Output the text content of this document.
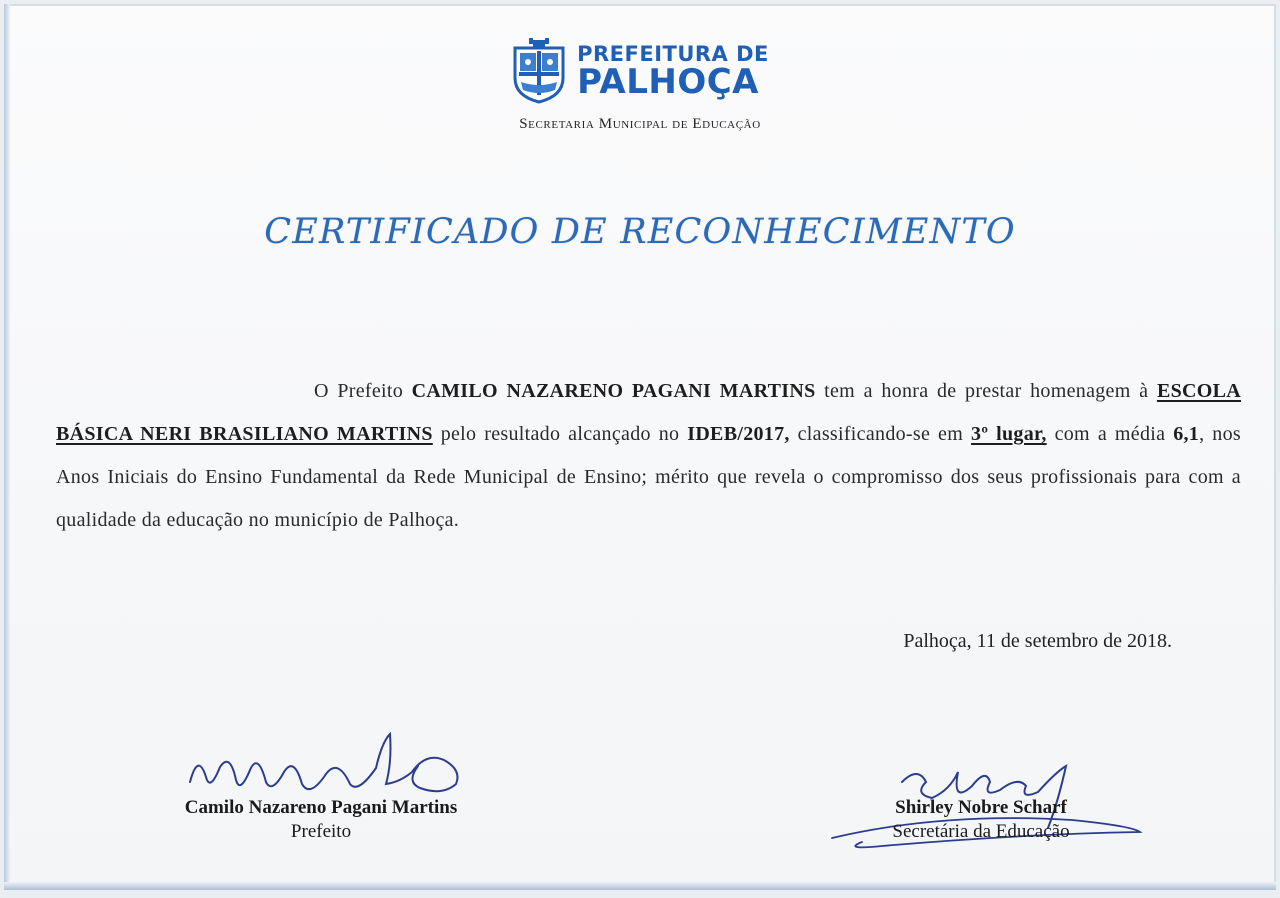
PREFEITURA DE
PALHOÇA
Secretaria Municipal de Educação
CERTIFICADO DE RECONHECIMENTO
O Prefeito CAMILO NAZARENO PAGANI MARTINS tem a honra de prestar homenagem à ESCOLA BÁSICA NERI BRASILIANO MARTINS pelo resultado alcançado no IDEB/2017, classificando-se em 3º lugar, com a média 6,1, nos Anos Iniciais do Ensino Fundamental da Rede Municipal de Ensino; mérito que revela o compromisso dos seus profissionais para com a qualidade da educação no município de Palhoça.
Palhoça, 11 de setembro de 2018.
Camilo Nazareno Pagani Martins
Prefeito
Shirley Nobre Scharf
Secretária da Educação
